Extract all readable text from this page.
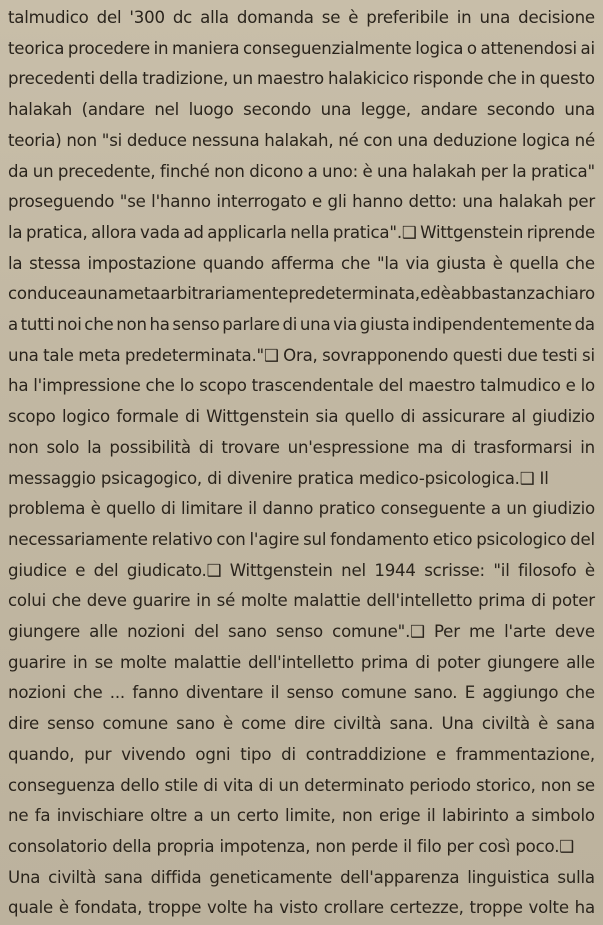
talmudico del '300 dc alla domanda se è preferibile in una decisione
teorica procedere in maniera conseguenzialmente logica o attenendosi ai
precedenti della tradizione, un maestro halakicico risponde che in questo
halakah (andare nel luogo secondo una legge, andare secondo una
teoria) non "si deduce nessuna halakah, né con una deduzione logica né
da un precedente, finché non dicono a uno: è una halakah per la pratica"
proseguendo "se l'hanno interrogato e gli hanno detto: una halakah per
la pratica, allora vada ad applicarla nella pratica".❑ Wittgenstein riprende
la stessa impostazione quando afferma che "la via giusta è quella che
conduce a una meta arbitrariamente predeterminata, ed è abbastanza chiaro
a tutti noi che non ha senso parlare di una via giusta indipendentemente da
una tale meta predeterminata."❑ Ora, sovrapponendo questi due testi si
ha l'impressione che lo scopo trascendentale del maestro talmudico e lo
scopo logico formale di Wittgenstein sia quello di assicurare al giudizio
non solo la possibilità di trovare un'espressione ma di trasformarsi in
messaggio psicagogico, di divenire pratica medico-psicologica.❑ Il
problema è quello di limitare il danno pratico conseguente a un giudizio
necessariamente relativo con l'agire sul fondamento etico psicologico del
giudice e del giudicato.❑ Wittgenstein nel 1944 scrisse: "il filosofo è
colui che deve guarire in sé molte malattie dell'intelletto prima di poter
giungere alle nozioni del sano senso comune".❑ Per me l'arte deve
guarire in se molte malattie dell'intelletto prima di poter giungere alle
nozioni che ... fanno diventare il senso comune sano. E aggiungo che
dire senso comune sano è come dire civiltà sana. Una civiltà è sana
quando, pur vivendo ogni tipo di contraddizione e frammentazione,
conseguenza dello stile di vita di un determinato periodo storico, non se
ne fa invischiare oltre a un certo limite, non erige il labirinto a simbolo
consolatorio della propria impotenza, non perde il filo per così poco.❑
Una civiltà sana diffida geneticamente dell'apparenza linguistica sulla
quale è fondata, troppe volte ha visto crollare certezze, troppe volte ha
